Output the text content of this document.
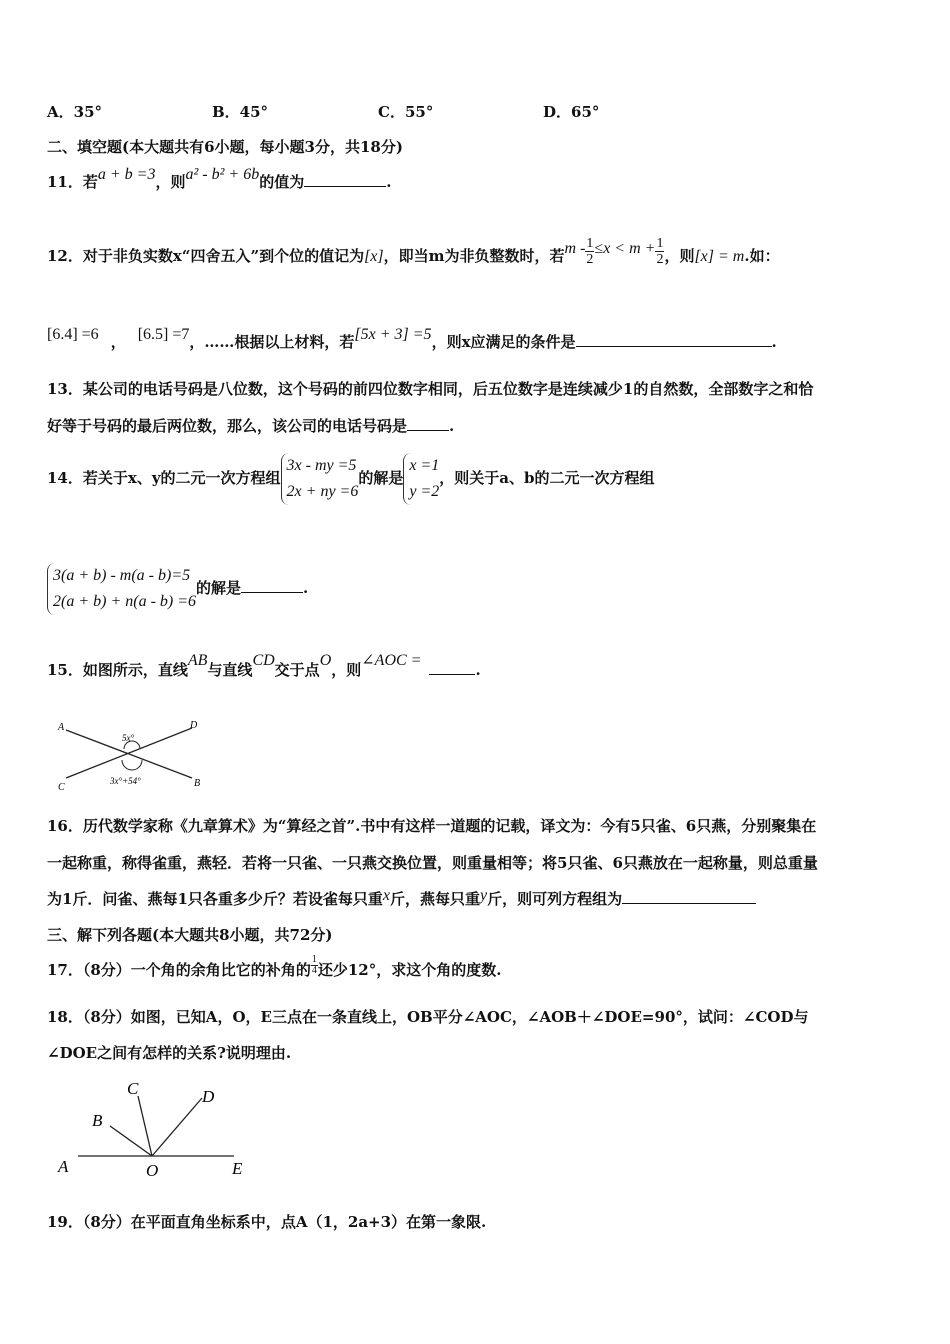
A．35°	B．45°	C．55°	D．65°
二、填空题(本大题共有6小题，每小题3分，共18分)
11．若a + b =3，则a² - b² + 6b的值为	.
12．对于非负实数x“四舍五入”到个位的值记为[x]，即当m为非负整数时，若$m - \frac{1}{2} \le x < m + \frac{1}{2}$ ，则[x] = m.如：
[6.4] =6 ， [6.5] =7，……根据以上材料，若[5x + 3] =5，则x应满足的条件是	.
13．某公司的电话号码是八位数，这个号码的前四位数字相同，后五位数字是连续减少1的自然数，全部数字之和恰
好等于号码的最后两位数，那么，该公司的电话号码是	.
14．若关于x、y的二元一次方程组
3x - my =5
2x + ny =6
的解是
x =1
y =2
，则关于a、b的二元一次方程组
3(a + b) - m(a - b)=5
2(a + b) + n(a - b) =6
的解是	.
15．如图所示，直线AB与直线CD交于点O，则∠AOC =.
A
B
C
D
5x°
3x°+54°
16．历代数学家称《九章算术》为“算经之首”.书中有这样一道题的记载，译文为：今有5只雀、6只燕，分别聚集在
一起称重，称得雀重，燕轻．若将一只雀、一只燕交换位置，则重量相等；将5只雀、6只燕放在一起称量，则总重量
为1斤．问雀、燕每1只各重多少斤？若设雀每只重x斤，燕每只重y斤，则可列方程组为
三、解下列各题(本大题共8小题，共72分)
17．（8分）一个角的余角比它的补角的 $\frac{1}{4}$ 还少12°，求这个角的度数.
18．（8分）如图，已知A，O，E三点在一条直线上，OB平分∠AOC，∠AOB＋∠DOE=90°，试问：∠COD与
∠DOE之间有怎样的关系?说明理由.
A
B
C	D
O	E
19．（8分）在平面直角坐标系中，点A（1，2a+3）在第一象限.
